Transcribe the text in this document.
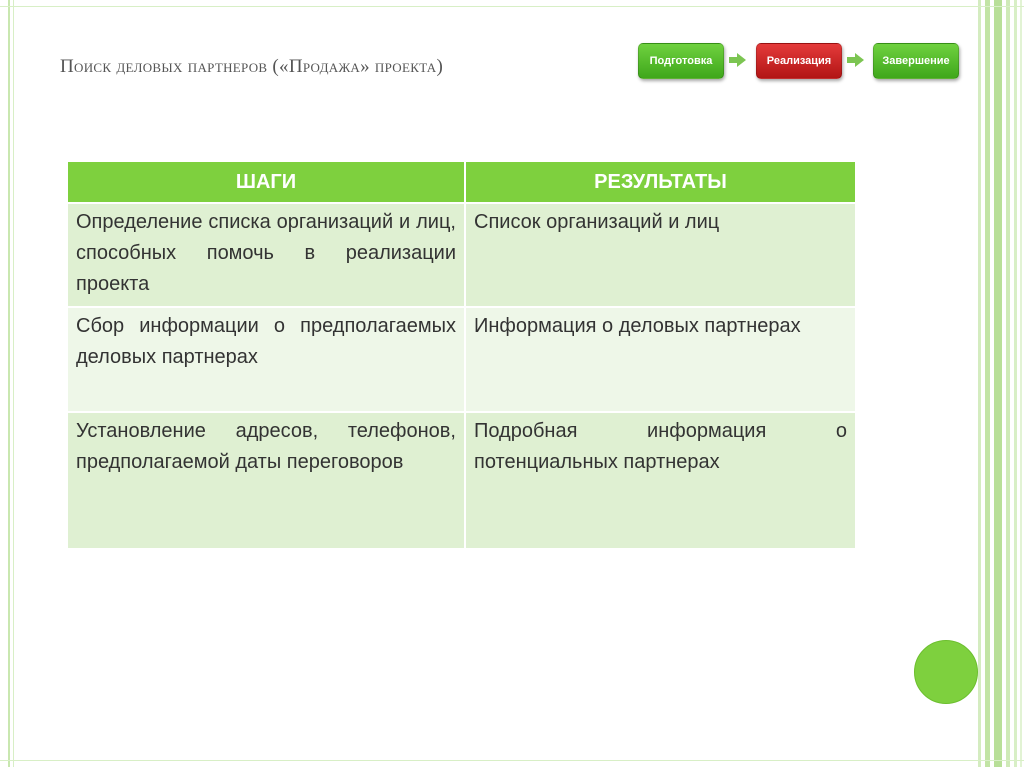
Поиск деловых партнеров («Продажа» проекта)	Подготовка	Реализация	Завершение
ШАГИ	РЕЗУЛЬТАТЫ
Определение списка организаций и лиц, способных помочь в реализации проекта	Список организаций и лиц
Сбор информации о предполагаемых деловых партнерах	Информация о деловых партнерах
Установление адресов, телефонов, предполагаемой даты переговоров	Подробная информация о потенциальных партнерах
